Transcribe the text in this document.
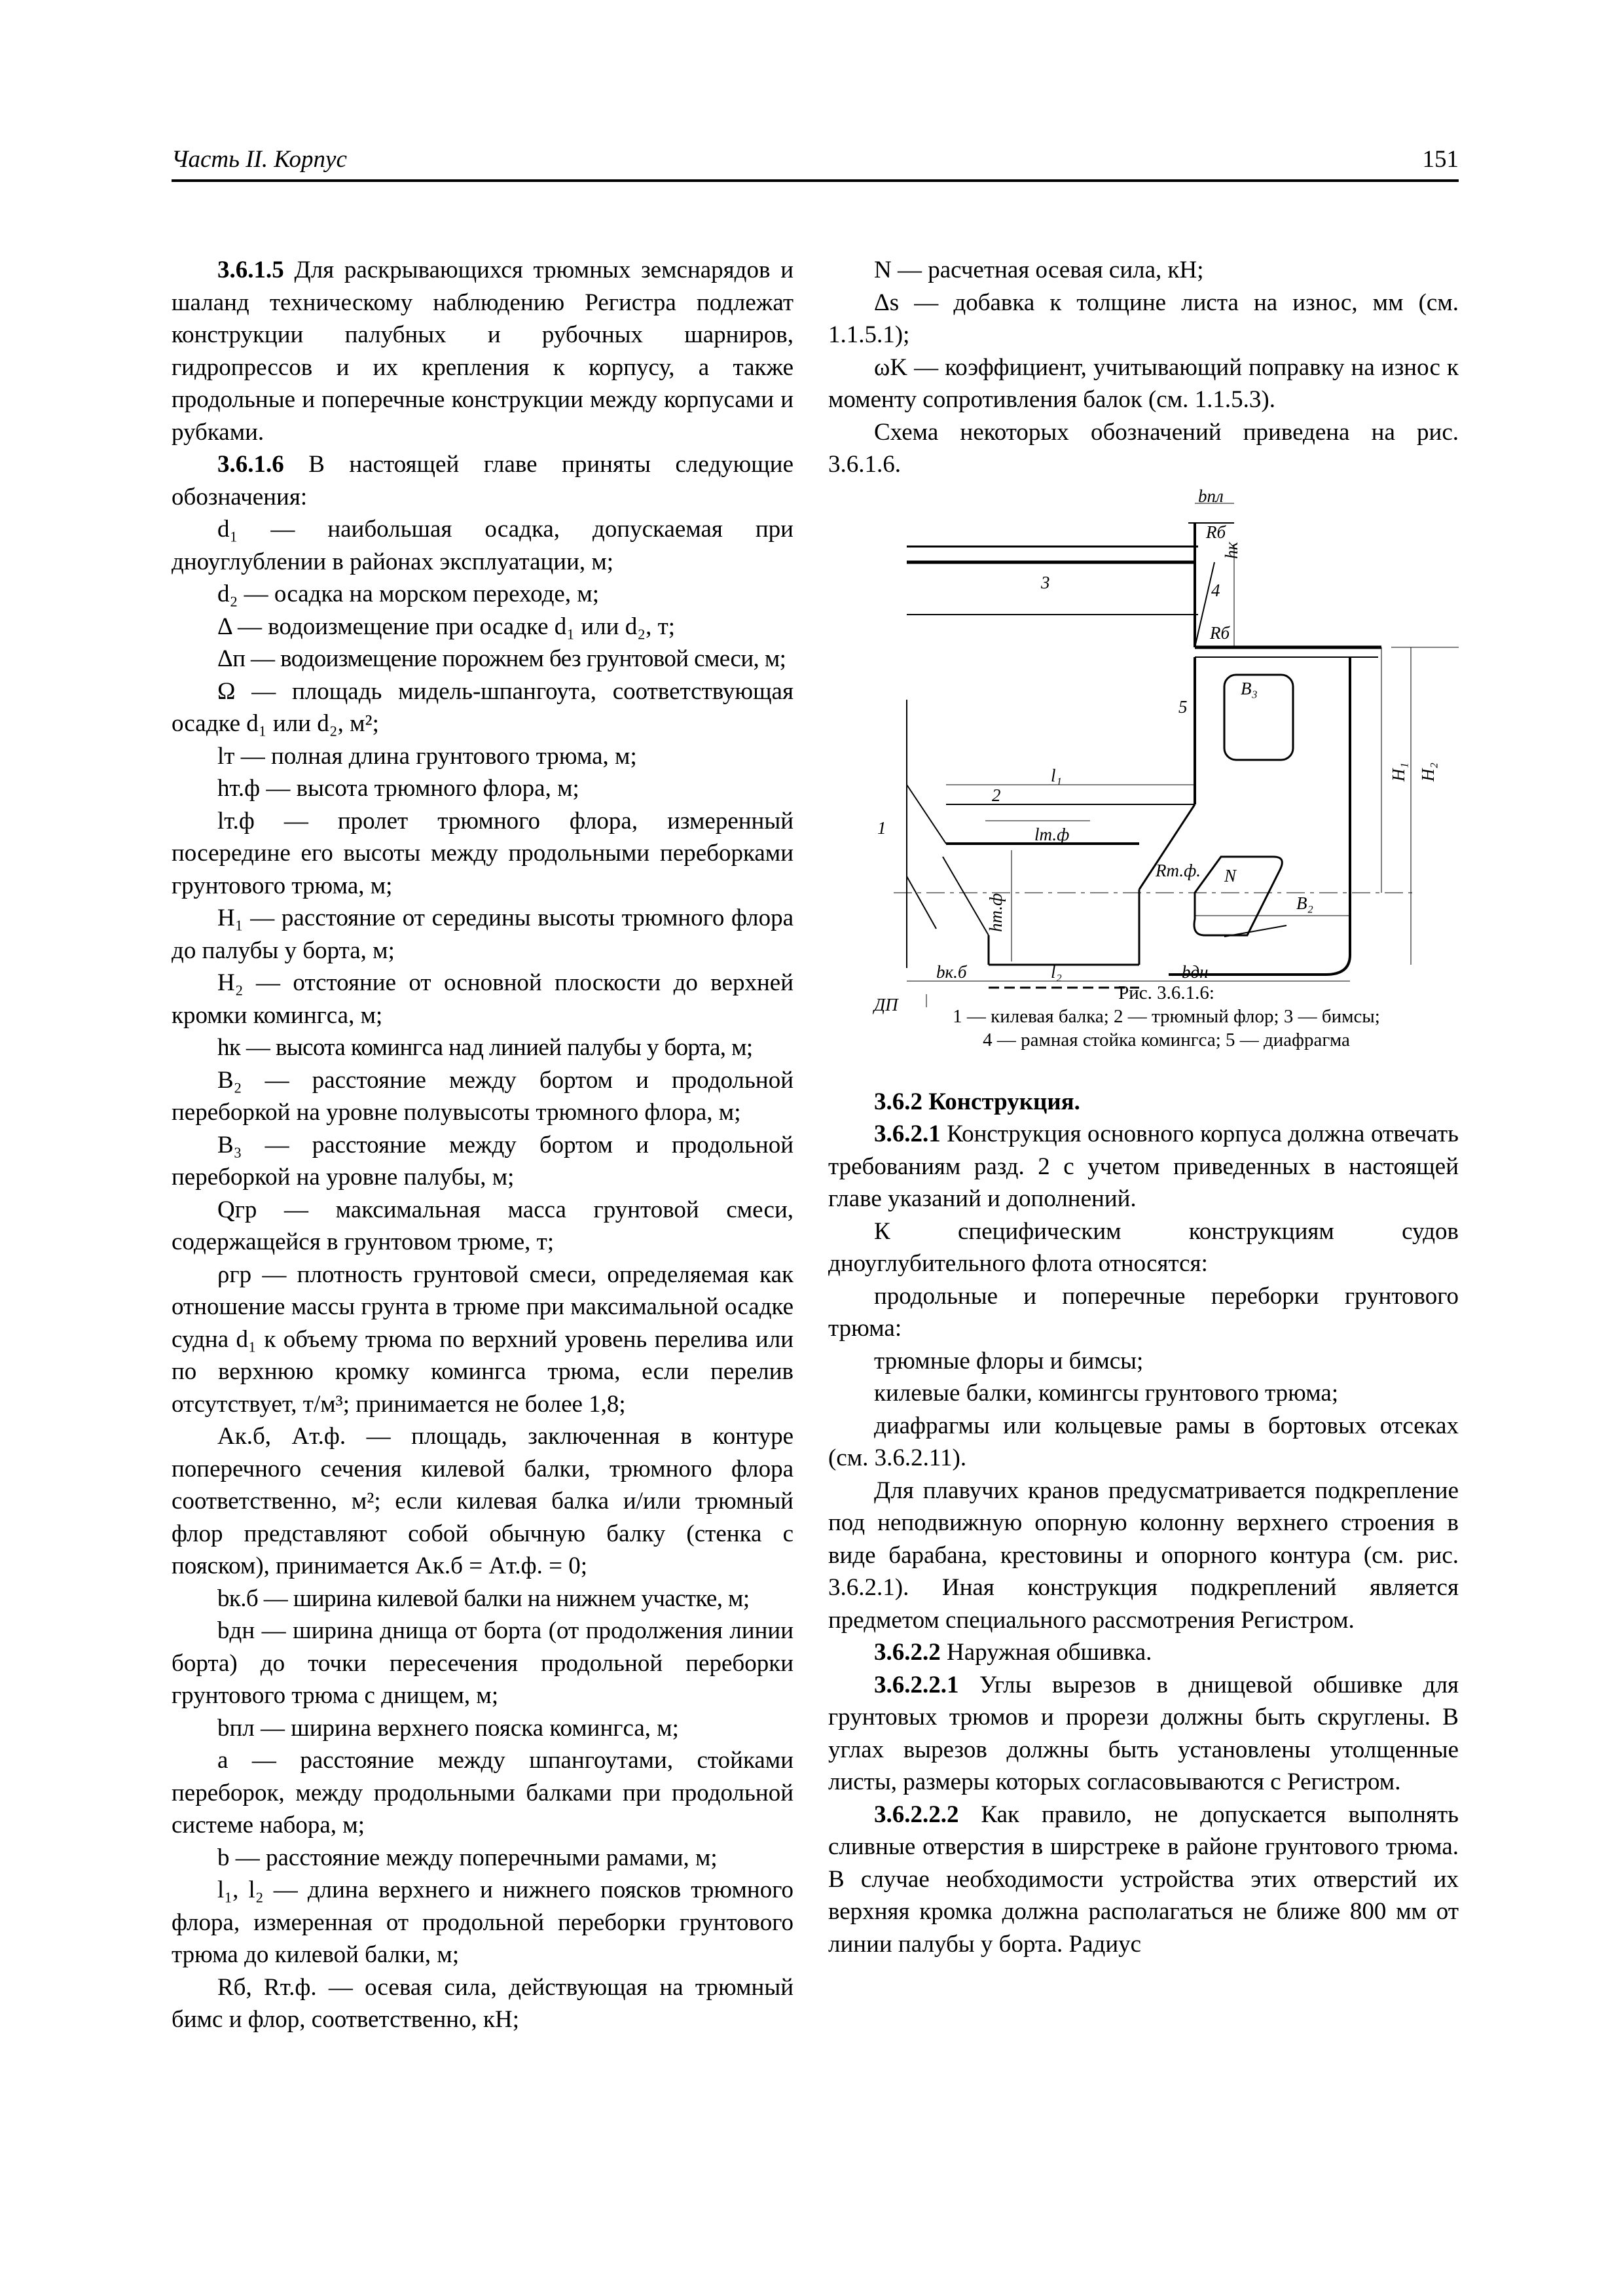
Часть II. Корпус	151

3.6.1.5 Для раскрывающихся трюмных земснарядов и шаланд техническому наблюдению Регистра подлежат конструкции палубных и рубочных шарниров, гидропрессов и их крепления к корпусу, а также продольные и поперечные конструкции между корпусами и рубками.

3.6.1.6 В настоящей главе приняты следующие обозначения:

d₁ — наибольшая осадка, допускаемая при дноуглублении в районах эксплуатации, м;

d₂ — осадка на морском переходе, м;

Δ — водоизмещение при осадке d₁ или d₂, т;

Δп — водоизмещение порожнем без грунтовой смеси, м;

Ω — площадь мидель-шпангоута, соответствующая осадке d₁ или d₂, м²;

lт — полная длина грунтового трюма, м;

hт.ф — высота трюмного флора, м;

lт.ф — пролет трюмного флора, измеренный посередине его высоты между продольными переборками грунтового трюма, м;

H₁ — расстояние от середины высоты трюмного флора до палубы у борта, м;

H₂ — отстояние от основной плоскости до верхней кромки комингса, м;

hк — высота комингса над линией палубы у борта, м;

B₂ — расстояние между бортом и продольной переборкой на уровне полувысоты трюмного флора, м;

B₃ — расстояние между бортом и продольной переборкой на уровне палубы, м;

Qгр — максимальная масса грунтовой смеси, содержащейся в грунтовом трюме, т;

ρгр — плотность грунтовой смеси, определяемая как отношение массы грунта в трюме при максимальной осадке судна d₁ к объему трюма по верхний уровень перелива или по верхнюю кромку комингса трюма, если перелив отсутствует, т/м³; принимается не более 1,8;

Aк.б, Aт.ф. — площадь, заключенная в контуре поперечного сечения килевой балки, трюмного флора соответственно, м²; если килевая балка и/или трюмный флор представляют собой обычную балку (стенка с пояском), принимается Aк.б = Aт.ф. = 0;

bк.б — ширина килевой балки на нижнем участке, м;

bдн — ширина днища от борта (от продолжения линии борта) до точки пересечения продольной переборки грунтового трюма с днищем, м;

bпл — ширина верхнего пояска комингса, м;

a — расстояние между шпангоутами, стойками переборок, между продольными балками при продольной системе набора, м;

b — расстояние между поперечными рамами, м;

l₁, l₂ — длина верхнего и нижнего поясков трюмного флора, измеренная от продольной переборки грунтового трюма до килевой балки, м;

Rб, Rт.ф. — осевая сила, действующая на трюмный бимс и флор, соответственно, кН;

N — расчетная осевая сила, кН;

Δs — добавка к толщине листа на износ, мм (см. 1.1.5.1);

ωK — коэффициент, учитывающий поправку на износ к моменту сопротивления балок (см. 1.1.5.3).

Схема некоторых обозначений приведена на рис. 3.6.1.6.

bпл
Rб
hк
3	4
Rб
B₃
5
l₁
2
1	lт.ф
hт.ф
Rт.ф. N
H₁ H₂
B₂
bк.б	l₂	bдн
ДП

Рис. 3.6.1.6:

1 — килевая балка; 2 — трюмный флор; 3 — бимсы;

4 — рамная стойка комингса; 5 — диафрагма

3.6.2 Конструкция.

3.6.2.1 Конструкция основного корпуса должна отвечать требованиям разд. 2 с учетом приведенных в настоящей главе указаний и дополнений.

К специфическим конструкциям судов дноуглубительного флота относятся:

продольные и поперечные переборки грунтового трюма:

трюмные флоры и бимсы;

килевые балки, комингсы грунтового трюма;

диафрагмы или кольцевые рамы в бортовых отсеках (см. 3.6.2.11).

Для плавучих кранов предусматривается подкрепление под неподвижную опорную колонну верхнего строения в виде барабана, крестовины и опорного контура (см. рис. 3.6.2.1). Иная конструкция подкреплений является предметом специального рассмотрения Регистром.

3.6.2.2 Наружная обшивка.

3.6.2.2.1 Углы вырезов в днищевой обшивке для грунтовых трюмов и прорези должны быть скруглены. В углах вырезов должны быть установлены утолщенные листы, размеры которых согласовываются с Регистром.

3.6.2.2.2 Как правило, не допускается выполнять сливные отверстия в ширстреке в районе грунтового трюма. В случае необходимости устройства этих отверстий их верхняя кромка должна располагаться не ближе 800 мм от линии палубы у борта. Радиус
